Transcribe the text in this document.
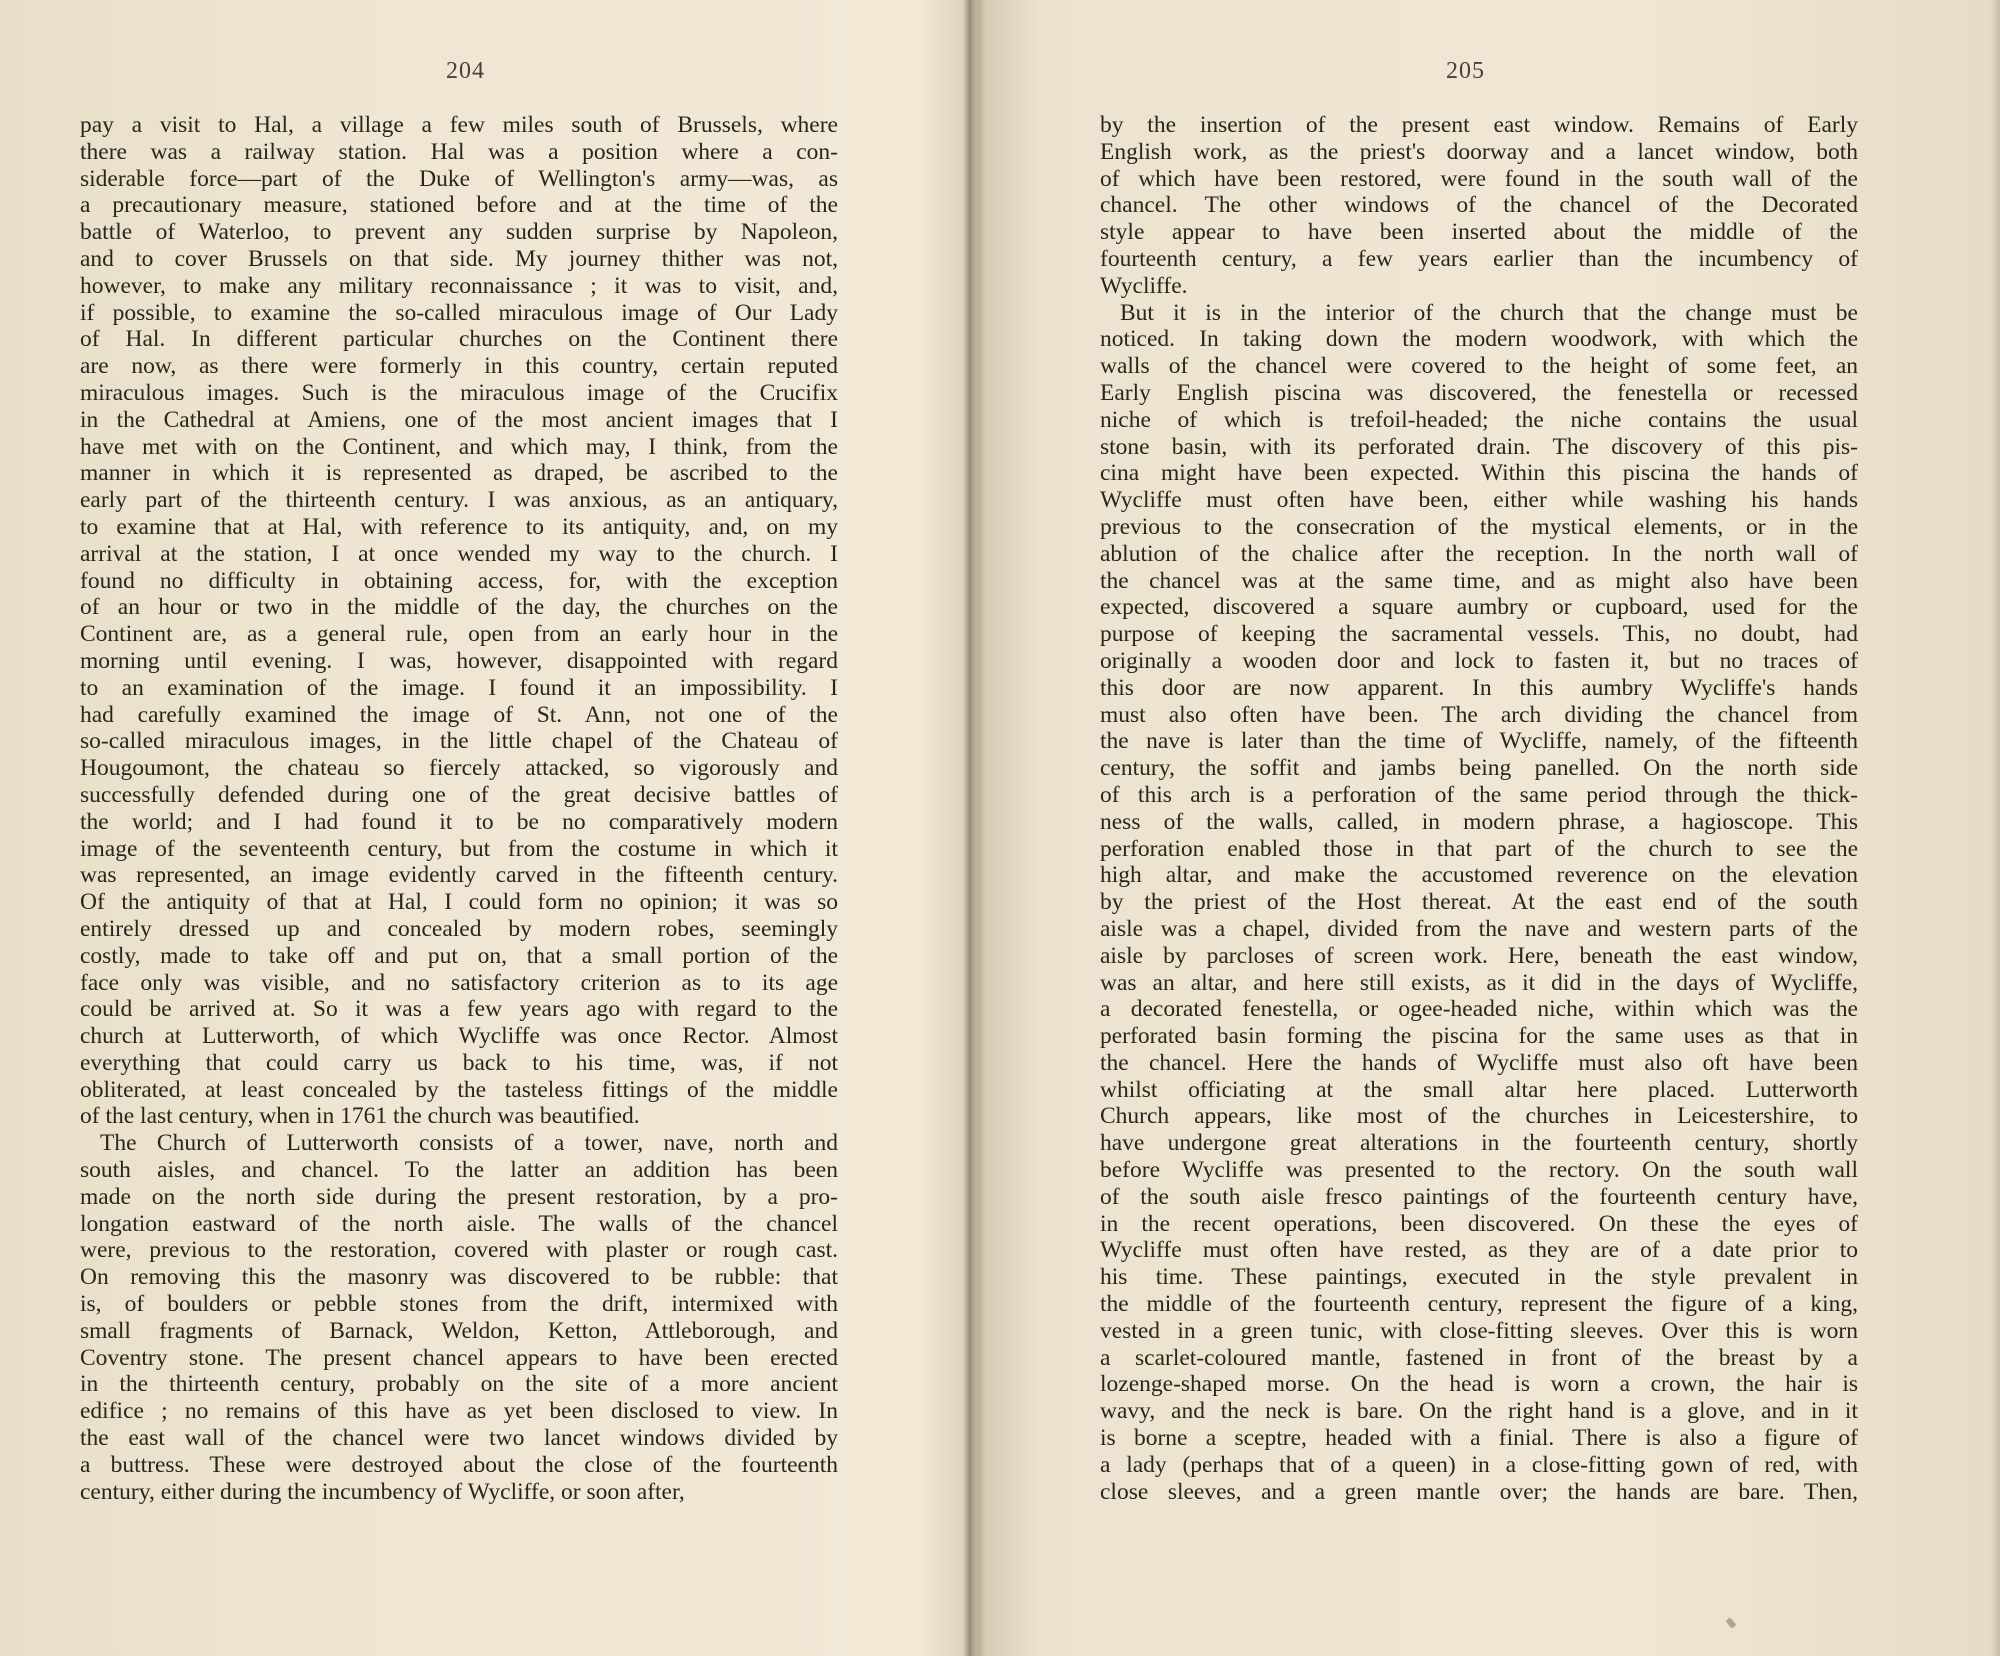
204
pay a visit to Hal, a village a few miles south of Brussels, where
there was a railway station. Hal was a position where a con-
siderable force—part of the Duke of Wellington's army—was, as
a precautionary measure, stationed before and at the time of the
battle of Waterloo, to prevent any sudden surprise by Napoleon,
and to cover Brussels on that side. My journey thither was not,
however, to make any military reconnaissance ; it was to visit, and,
if possible, to examine the so-called miraculous image of Our Lady
of Hal. In different particular churches on the Continent there
are now, as there were formerly in this country, certain reputed
miraculous images. Such is the miraculous image of the Crucifix
in the Cathedral at Amiens, one of the most ancient images that I
have met with on the Continent, and which may, I think, from the
manner in which it is represented as draped, be ascribed to the
early part of the thirteenth century. I was anxious, as an antiquary,
to examine that at Hal, with reference to its antiquity, and, on my
arrival at the station, I at once wended my way to the church. I
found no difficulty in obtaining access, for, with the exception
of an hour or two in the middle of the day, the churches on the
Continent are, as a general rule, open from an early hour in the
morning until evening. I was, however, disappointed with regard
to an examination of the image. I found it an impossibility. I
had carefully examined the image of St. Ann, not one of the
so-called miraculous images, in the little chapel of the Chateau of
Hougoumont, the chateau so fiercely attacked, so vigorously and
successfully defended during one of the great decisive battles of
the world; and I had found it to be no comparatively modern
image of the seventeenth century, but from the costume in which it
was represented, an image evidently carved in the fifteenth century.
Of the antiquity of that at Hal, I could form no opinion; it was so
entirely dressed up and concealed by modern robes, seemingly
costly, made to take off and put on, that a small portion of the
face only was visible, and no satisfactory criterion as to its age
could be arrived at. So it was a few years ago with regard to the
church at Lutterworth, of which Wycliffe was once Rector. Almost
everything that could carry us back to his time, was, if not
obliterated, at least concealed by the tasteless fittings of the middle
of the last century, when in 1761 the church was beautified.
The Church of Lutterworth consists of a tower, nave, north and
south aisles, and chancel. To the latter an addition has been
made on the north side during the present restoration, by a pro-
longation eastward of the north aisle. The walls of the chancel
were, previous to the restoration, covered with plaster or rough cast.
On removing this the masonry was discovered to be rubble: that
is, of boulders or pebble stones from the drift, intermixed with
small fragments of Barnack, Weldon, Ketton, Attleborough, and
Coventry stone. The present chancel appears to have been erected
in the thirteenth century, probably on the site of a more ancient
edifice ; no remains of this have as yet been disclosed to view. In
the east wall of the chancel were two lancet windows divided by
a buttress. These were destroyed about the close of the fourteenth
century, either during the incumbency of Wycliffe, or soon after,
205
by the insertion of the present east window. Remains of Early
English work, as the priest's doorway and a lancet window, both
of which have been restored, were found in the south wall of the
chancel. The other windows of the chancel of the Decorated
style appear to have been inserted about the middle of the
fourteenth century, a few years earlier than the incumbency of
Wycliffe.
But it is in the interior of the church that the change must be
noticed. In taking down the modern woodwork, with which the
walls of the chancel were covered to the height of some feet, an
Early English piscina was discovered, the fenestella or recessed
niche of which is trefoil-headed; the niche contains the usual
stone basin, with its perforated drain. The discovery of this pis-
cina might have been expected. Within this piscina the hands of
Wycliffe must often have been, either while washing his hands
previous to the consecration of the mystical elements, or in the
ablution of the chalice after the reception. In the north wall of
the chancel was at the same time, and as might also have been
expected, discovered a square aumbry or cupboard, used for the
purpose of keeping the sacramental vessels. This, no doubt, had
originally a wooden door and lock to fasten it, but no traces of
this door are now apparent. In this aumbry Wycliffe's hands
must also often have been. The arch dividing the chancel from
the nave is later than the time of Wycliffe, namely, of the fifteenth
century, the soffit and jambs being panelled. On the north side
of this arch is a perforation of the same period through the thick-
ness of the walls, called, in modern phrase, a hagioscope. This
perforation enabled those in that part of the church to see the
high altar, and make the accustomed reverence on the elevation
by the priest of the Host thereat. At the east end of the south
aisle was a chapel, divided from the nave and western parts of the
aisle by parcloses of screen work. Here, beneath the east window,
was an altar, and here still exists, as it did in the days of Wycliffe,
a decorated fenestella, or ogee-headed niche, within which was the
perforated basin forming the piscina for the same uses as that in
the chancel. Here the hands of Wycliffe must also oft have been
whilst officiating at the small altar here placed. Lutterworth
Church appears, like most of the churches in Leicestershire, to
have undergone great alterations in the fourteenth century, shortly
before Wycliffe was presented to the rectory. On the south wall
of the south aisle fresco paintings of the fourteenth century have,
in the recent operations, been discovered. On these the eyes of
Wycliffe must often have rested, as they are of a date prior to
his time. These paintings, executed in the style prevalent in
the middle of the fourteenth century, represent the figure of a king,
vested in a green tunic, with close-fitting sleeves. Over this is worn
a scarlet-coloured mantle, fastened in front of the breast by a
lozenge-shaped morse. On the head is worn a crown, the hair is
wavy, and the neck is bare. On the right hand is a glove, and in it
is borne a sceptre, headed with a finial. There is also a figure of
a lady (perhaps that of a queen) in a close-fitting gown of red, with
close sleeves, and a green mantle over; the hands are bare. Then,
